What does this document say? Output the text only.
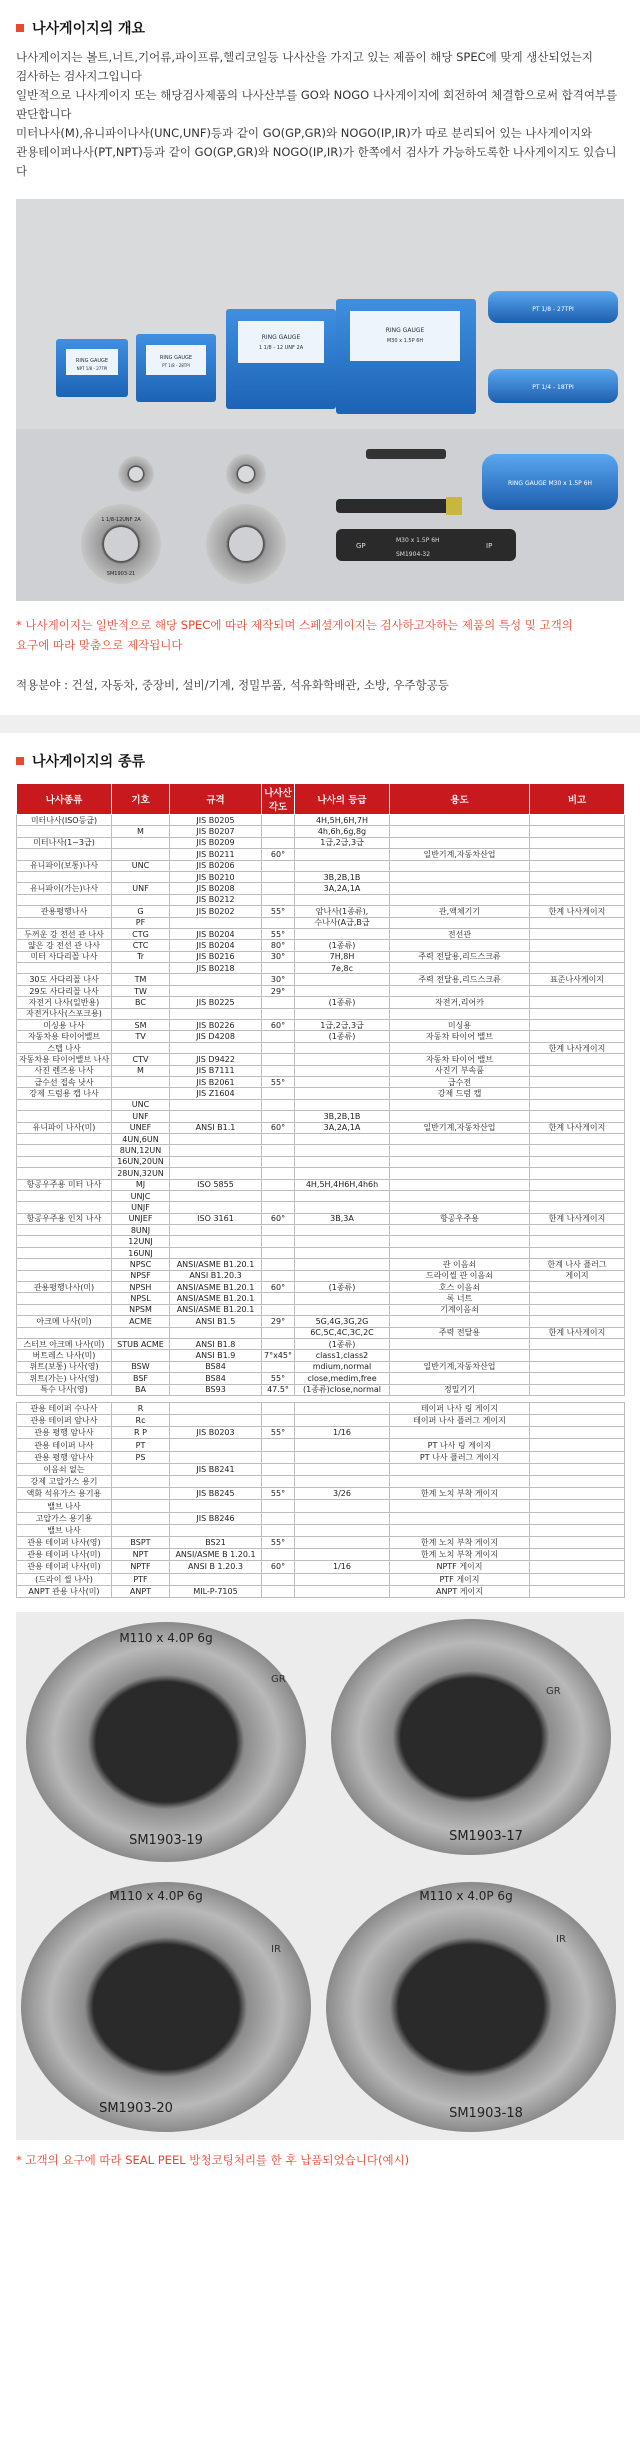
나사게이지의 개요

나사게이지는 볼트,너트,기어류,파이프류,헬리코일등 나사산을 가지고 있는 제품이 해당 SPEC에 맞게 생산되었는지

검사하는 검사지그입니다

일반적으로 나사게이지 또는 해당검사제품의 나사산부를 GO와 NOGO 나사게이지에 회전하여 체결함으로써 합격여부를

판단합니다

미터나사(M),유니파이나사(UNC,UNF)등과 같이 GO(GP,GR)와 NOGO(IP,IR)가 따로 분리되어 있는 나사게이지와

관용테이퍼나사(PT,NPT)등과 같이 GO(GP,GR)와 NOGO(IP,IR)가 한쪽에서 검사가 가능하도록한 나사게이지도 있습니다

RING GAUGE
NPT 1/8 - 27TPI
RING GAUGE
PT 1/8 - 28TPI
RING GAUGE
1 1/8 - 12 UNF 2A
RING GAUGE
M30 x 1.5P 6H
PT 1/8 - 27TPI
PT 1/4 - 18TPI
RING GAUGE M30 x 1.5P 6H
1 1/8-12UNF 2A
SM1903-21
GP
M30 x 1.5P 6H
IP
SM1904-32
* 나사게이지는 일반적으로 해당 SPEC에 따라 제작되며 스페셜게이지는 검사하고자하는 제품의 특성 및 고객의
요구에 따라 맞춤으로 제작됩니다
적용분야 : 건설, 자동차, 중장비, 설비/기계, 정밀부품, 석유화학배관, 소방, 우주항공등
나사게이지의 종류
나사종류	기호	규격	나사산 각도	나사의 등급	용도	비고
미터나사(ISO등급)		JIS B0205		4H,5H,6H,7H		
	M	JIS B0207		4h,6h,6g,8g		
미터나사(1~3급)		JIS B0209		1급,2급,3급		
		JIS B0211	60°		일반기계,자동차산업	
유니파이(보통)나사	UNC	JIS B0206				
		JIS B0210		3B,2B,1B		
유니파이(가는)나사	UNF	JIS B0208		3A,2A,1A		
		JIS B0212				
관용평행나사	G	JIS B0202	55°	암나사(1종류),	관,액체기기	한계 나사게이지
	PF			수나사(A급,B급		
두꺼운 강 전선 관 나사	CTG	JIS B0204	55°		전선관	
얇은 강 전선 관 나사	CTC	JIS B0204	80°	(1종류)		
미터 사다리꼴 나사	Tr	JIS B0216	30°	7H,8H	주력 전달용,리드스크류	
		JIS B0218		7e,8c		
30도 사다리꼴 나사	TM		30°		주력 전달용,리드스크류	표준나사게이지
29도 사다리꼴 나사	TW		29°			
자전거 나사(일반용)	BC	JIS B0225		(1종류)	자전거,리어카	
자전거나사(스포크용)						
미싱용 나사	SM	JIS B0226	60°	1급,2급,3급	미싱용	
자동차용 타이어밸브	TV	JIS D4208		(1종류)	자동차 타이어 밸브	
스텝 나사						한계 나사게이지
자동차용 타이어밸브 나사	CTV	JIS D9422			자동차 타이어 밸브	
사진 렌즈용 나사	M	JIS B7111			사진기 부속품	
급수선 접속 낫사		JIS B2061	55°		급수전	
강제 드럼용 캡 나사		JIS Z1604			강제 드럼 캡	
	UNC					
	UNF			3B,2B,1B		
유니파이 나사(미)	UNEF	ANSI B1.1	60°	3A,2A,1A	일반기계,자동차산업	한계 나사게이지
	4UN,6UN					
	8UN,12UN					
	16UN,20UN					
	28UN,32UN					
항공우주용 미터 나사	MJ	ISO 5855		4H,5H,4H6H,4h6h		
	UNJC					
	UNJF					
항공우주용 인치 나사	UNJEF	ISO 3161	60°	3B,3A	항공우주용	한계 나사게이지
	8UNJ					
	12UNJ					
	16UNJ					
	NPSC	ANSI/ASME B1.20.1			관 이음쇠	한계 나사 플러그
	NPSF	ANSI B1.20.3			드라이씰 관 이음쇠	게이지
관용평행나사(미)	NPSH	ANSI/ASME B1.20.1	60°	(1종류)	호스 이음쇠	
	NPSL	ANSI/ASME B1.20.1			록 너트	
	NPSM	ANSI/ASME B1.20.1			기계이음쇠	
아크메 나사(미)	ACME	ANSI B1.5	29°	5G,4G,3G,2G		
				6C,5C,4C,3C,2C	주력 전달용	한계 나사게이지
스터브 아크메 나사(미)	STUB ACME	ANSI B1.8		(1종류)		
버트레스 나사(미)		ANSI B1.9	7°x45°	class1,class2		
위트(보통) 나사(영)	BSW	BS84		mdium,normal	일반기계,자동차산업	
위트(가는) 나사(영)	BSF	BS84	55°	close,medim,free		
특수 나사(영)	BA	BS93	47.5°	(1종류)close,normal	정밀기기	
관용 테이퍼 수나사	R				테이퍼 나사 링 게이지	
관용 테이퍼 암나사	Rc				테이퍼 나사 플러그 게이지	
관용 평행 암나사	R P	JIS B0203	55°	1/16		
관용 테이퍼 나사	PT				PT 나사 링 게이지	
관용 평행 암나사	PS				PT 나사 플러그 게이지	
이음쇠 없는		JIS B8241				
강제 고압가스 용기						
액화 석유가스 용기용		JIS B8245	55°	3/26	한계 노치 부착 게이지	
밸브 나사						
고압가스 용기용		JIS B8246				
밸브 나사						
관용 테이퍼 나사(영)	BSPT	BS21	55°		한계 노치 부착 게이지	
관용 테이퍼 나사(미)	NPT	ANSI/ASME B 1.20.1			한계 노치 부착 게이지	
관용 테이퍼 나사(미)	NPTF	ANSI B 1.20.3	60°	1/16	NPTF 게이지	
(드라이 씰 나사)	PTF				PTF 게이지	
ANPT 관용 나사(미)	ANPT	MIL-P-7105			ANPT 게이지	
M110 x 4.0P 6g
GR
SM1903-19
GR
SM1903-17
M110 x 4.0P 6g
IR
SM1903-20
M110 x 4.0P 6g
IR
SM1903-18
* 고객의 요구에 따라 SEAL PEEL 방청코팅처리를 한 후 납품되었습니다(예시)
